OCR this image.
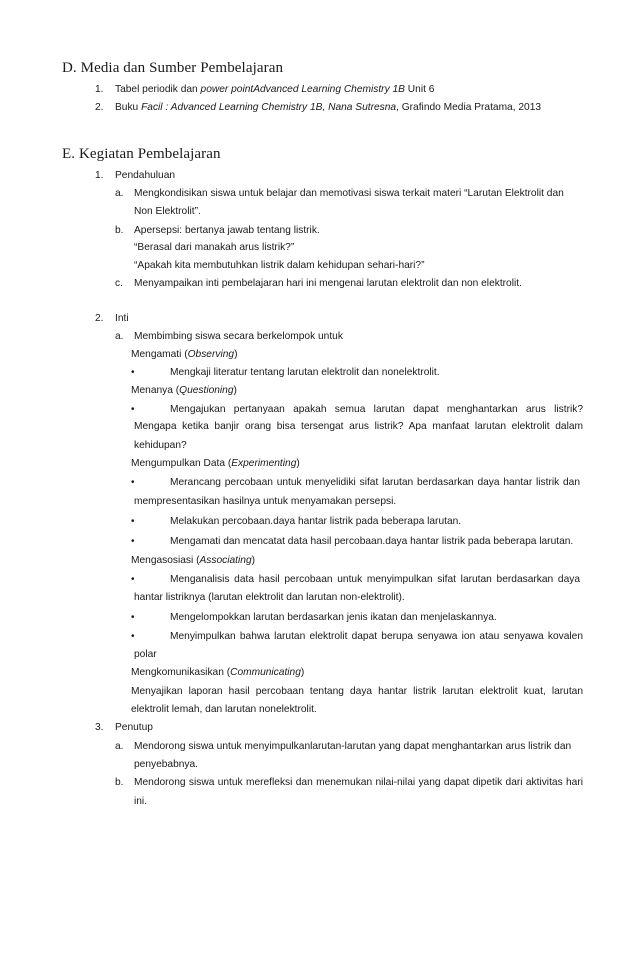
D. Media dan Sumber Pembelajaran
1. Tabel periodik dan power pointAdvanced Learning Chemistry 1B Unit 6
2. Buku Facil : Advanced Learning Chemistry 1B, Nana Sutresna, Grafindo Media Pratama, 2013
E. Kegiatan Pembelajaran
1. Pendahuluan
a. Mengkondisikan siswa untuk belajar dan memotivasi siswa terkait materi “Larutan Elektrolit dan
Non Elektrolit”.
b. Apersepsi: bertanya jawab tentang listrik.
“Berasal dari manakah arus listrik?”
“Apakah kita membutuhkan listrik dalam kehidupan sehari-hari?”
c. Menyampaikan inti pembelajaran hari ini mengenai larutan elektrolit dan non elektrolit.
2. Inti
a. Membimbing siswa secara berkelompok untuk
Mengamati (Observing)
•	Mengkaji literatur tentang larutan elektrolit dan nonelektrolit.
Menanya (Questioning)
•	Mengajukan pertanyaan apakah semua larutan dapat menghantarkan arus listrik?
Mengapa ketika banjir orang bisa tersengat arus listrik? Apa manfaat larutan elektrolit dalam
kehidupan?
Mengumpulkan Data (Experimenting)
•	Merancang percobaan untuk menyelidiki sifat larutan berdasarkan daya hantar listrik dan
mempresentasikan hasilnya untuk menyamakan persepsi.
•	Melakukan percobaan.daya hantar listrik pada beberapa larutan.
•	Mengamati dan mencatat data hasil percobaan.daya hantar listrik pada beberapa larutan.
Mengasosiasi (Associating)
•	Menganalisis data hasil percobaan untuk menyimpulkan sifat larutan berdasarkan daya
hantar listriknya (larutan elektrolit dan larutan non-elektrolit).
•	Mengelompokkan larutan berdasarkan jenis ikatan dan menjelaskannya.
•	Menyimpulkan bahwa larutan elektrolit dapat berupa senyawa ion atau senyawa kovalen
polar
Mengkomunikasikan (Communicating)
Menyajikan laporan hasil percobaan tentang daya hantar listrik larutan elektrolit kuat, larutan
elektrolit lemah, dan larutan nonelektrolit.
3. Penutup
a. Mendorong siswa untuk menyimpulkanlarutan-larutan yang dapat menghantarkan arus listrik dan
penyebabnya.
b. Mendorong siswa untuk merefleksi dan menemukan nilai-nilai yang dapat dipetik dari aktivitas hari
ini.
